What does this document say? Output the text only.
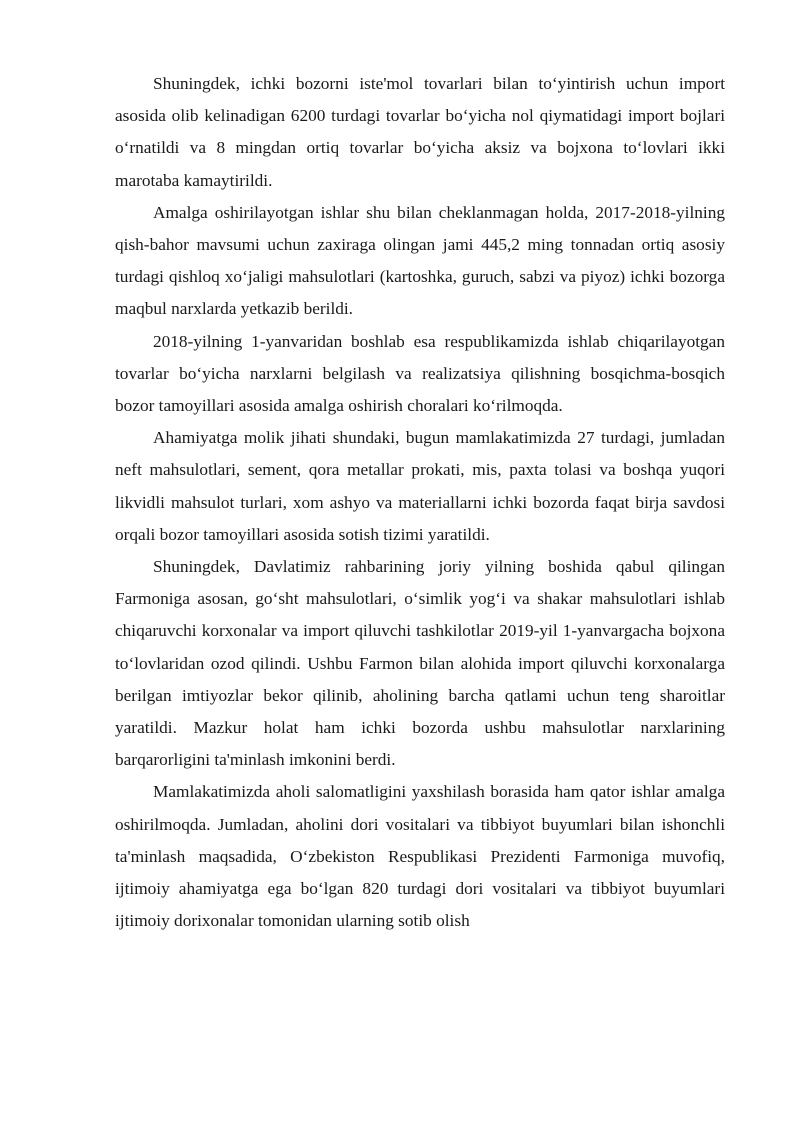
Shuningdek, ichki bozorni iste'mol tovarlari bilan to‘yintirish uchun import asosida olib kelinadigan 6200 turdagi tovarlar bo‘yicha nol qiymatidagi import bojlari o‘rnatildi va 8 mingdan ortiq tovarlar bo‘yicha aksiz va bojxona to‘lovlari ikki marotaba kamaytirildi.

Amalga oshirilayotgan ishlar shu bilan cheklanmagan holda, 2017-2018-yilning qish-bahor mavsumi uchun zaxiraga olingan jami 445,2 ming tonnadan ortiq asosiy turdagi qishloq xo‘jaligi mahsulotlari (kartoshka, guruch, sabzi va piyoz) ichki bozorga maqbul narxlarda yetkazib berildi.

2018-yilning 1-yanvaridan boshlab esa respublikamizda ishlab chiqarilayotgan tovarlar bo‘yicha narxlarni belgilash va realizatsiya qilishning bosqichma-bosqich bozor tamoyillari asosida amalga oshirish choralari ko‘rilmoqda.

Ahamiyatga molik jihati shundaki, bugun mamlakatimizda 27 turdagi, jumladan neft mahsulotlari, sement, qora metallar prokati, mis, paxta tolasi va boshqa yuqori likvidli mahsulot turlari, xom ashyo va materiallarni ichki bozorda faqat birja savdosi orqali bozor tamoyillari asosida sotish tizimi yaratildi.

Shuningdek, Davlatimiz rahbarining joriy yilning boshida qabul qilingan Farmoniga asosan, go‘sht mahsulotlari, o‘simlik yog‘i va shakar mahsulotlari ishlab chiqaruvchi korxonalar va import qiluvchi tashkilotlar 2019-yil 1-yanvargacha bojxona to‘lovlaridan ozod qilindi. Ushbu Farmon bilan alohida import qiluvchi korxonalarga berilgan imtiyozlar bekor qilinib, aholining barcha qatlami uchun teng sharoitlar yaratildi. Mazkur holat ham ichki bozorda ushbu mahsulotlar narxlarining barqarorligini ta'minlash imkonini berdi.

Mamlakatimizda aholi salomatligini yaxshilash borasida ham qator ishlar amalga oshirilmoqda. Jumladan, aholini dori vositalari va tibbiyot buyumlari bilan ishonchli ta'minlash maqsadida, O‘zbekiston Respublikasi Prezidenti Farmoniga muvofiq, ijtimoiy ahamiyatga ega bo‘lgan 820 turdagi dori vositalari va tibbiyot buyumlari ijtimoiy dorixonalar tomonidan ularning sotib olish
